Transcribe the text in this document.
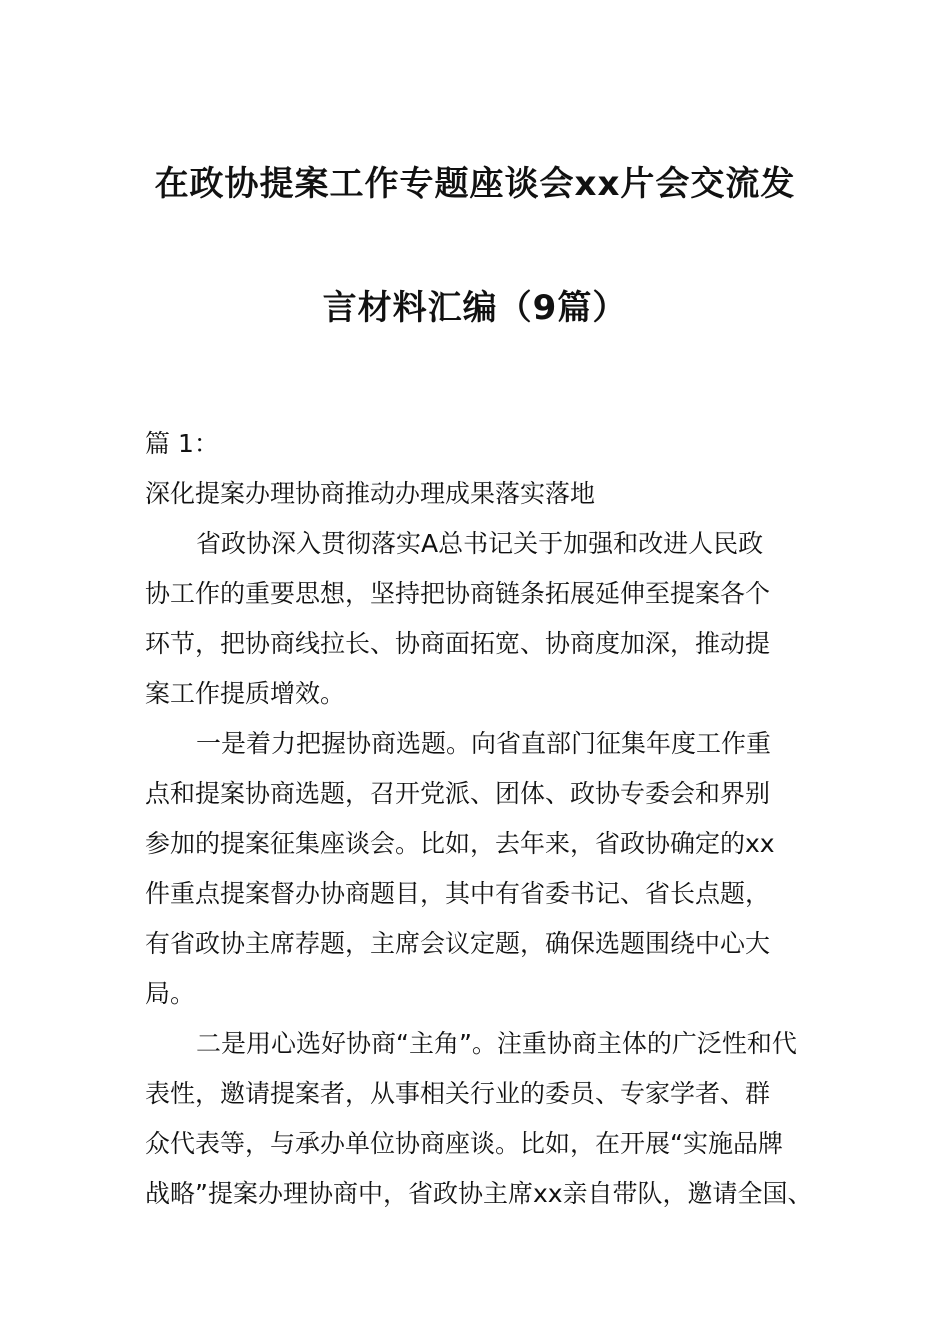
在政协提案工作专题座谈会xx片会交流发
言材料汇编（9篇）
篇 1：
深化提案办理协商推动办理成果落实落地
省政协深入贯彻落实A总书记关于加强和改进人民政
协工作的重要思想，坚持把协商链条拓展延伸至提案各个
环节，把协商线拉长、协商面拓宽、协商度加深，推动提
案工作提质增效。
一是着力把握协商选题。向省直部门征集年度工作重
点和提案协商选题，召开党派、团体、政协专委会和界别
参加的提案征集座谈会。比如，去年来，省政协确定的xx
件重点提案督办协商题目，其中有省委书记、省长点题，
有省政协主席荐题，主席会议定题，确保选题围绕中心大
局。
二是用心选好协商“主角”。注重协商主体的广泛性和代
表性，邀请提案者，从事相关行业的委员、专家学者、群
众代表等，与承办单位协商座谈。比如，在开展“实施品牌
战略”提案办理协商中，省政协主席xx亲自带队，邀请全国、
